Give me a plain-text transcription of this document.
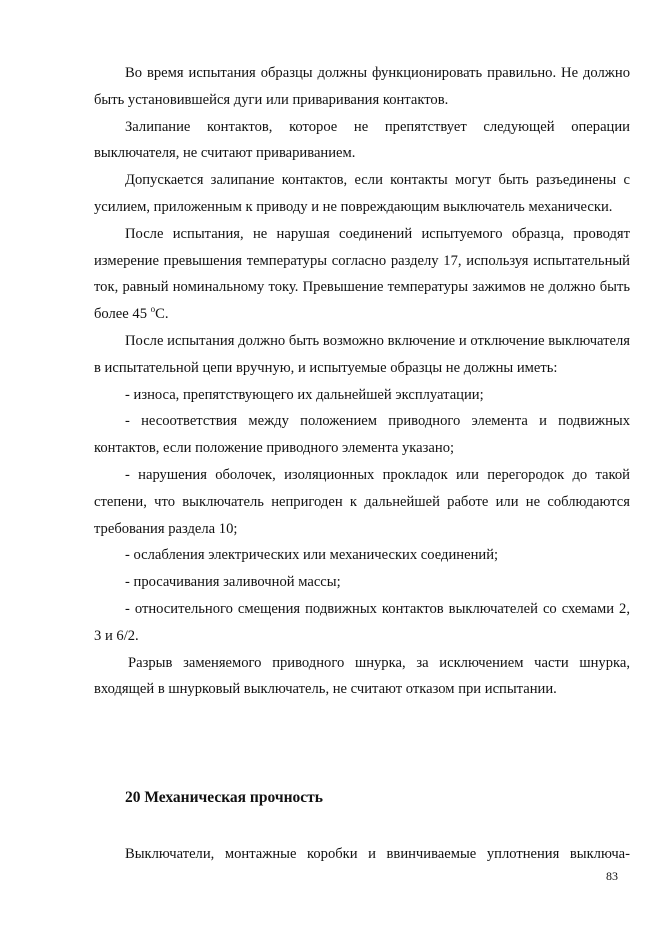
Во время испытания образцы должны функционировать правильно. Не должно быть установившейся дуги или приваривания контактов.

Залипание контактов, которое не препятствует следующей операции выключателя, не считают привариванием.

Допускается залипание контактов, если контакты могут быть разъединены с усилием, приложенным к приводу и не повреждающим выключатель механически.

После испытания, не нарушая соединений испытуемого образца, проводят измерение превышения температуры согласно разделу 17, используя испытательный ток, равный номинальному току. Превышение температуры зажимов не должно быть более 45 $^o$С.

После испытания должно быть возможно включение и отключение выключателя в испытательной цепи вручную, и испытуемые образцы не должны иметь:

- износа, препятствующего их дальнейшей эксплуатации;

- несоответствия между положением приводного элемента и подвижных контактов, если положение приводного элемента указано;

- нарушения оболочек, изоляционных прокладок или перегородок до такой степени, что выключатель непригоден к дальнейшей работе или не соблюдаются требования раздела 10;

- ослабления электрических или механических соединений;

- просачивания заливочной массы;

- относительного смещения подвижных контактов выключателей со схемами 2, 3 и 6/2.

Разрыв заменяемого приводного шнурка, за исключением части шнурка, входящей в шнурковый выключатель, не считают отказом при испытании.

20 Механическая прочность

Выключатели, монтажные коробки и ввинчиваемые уплотнения выключа-

83
